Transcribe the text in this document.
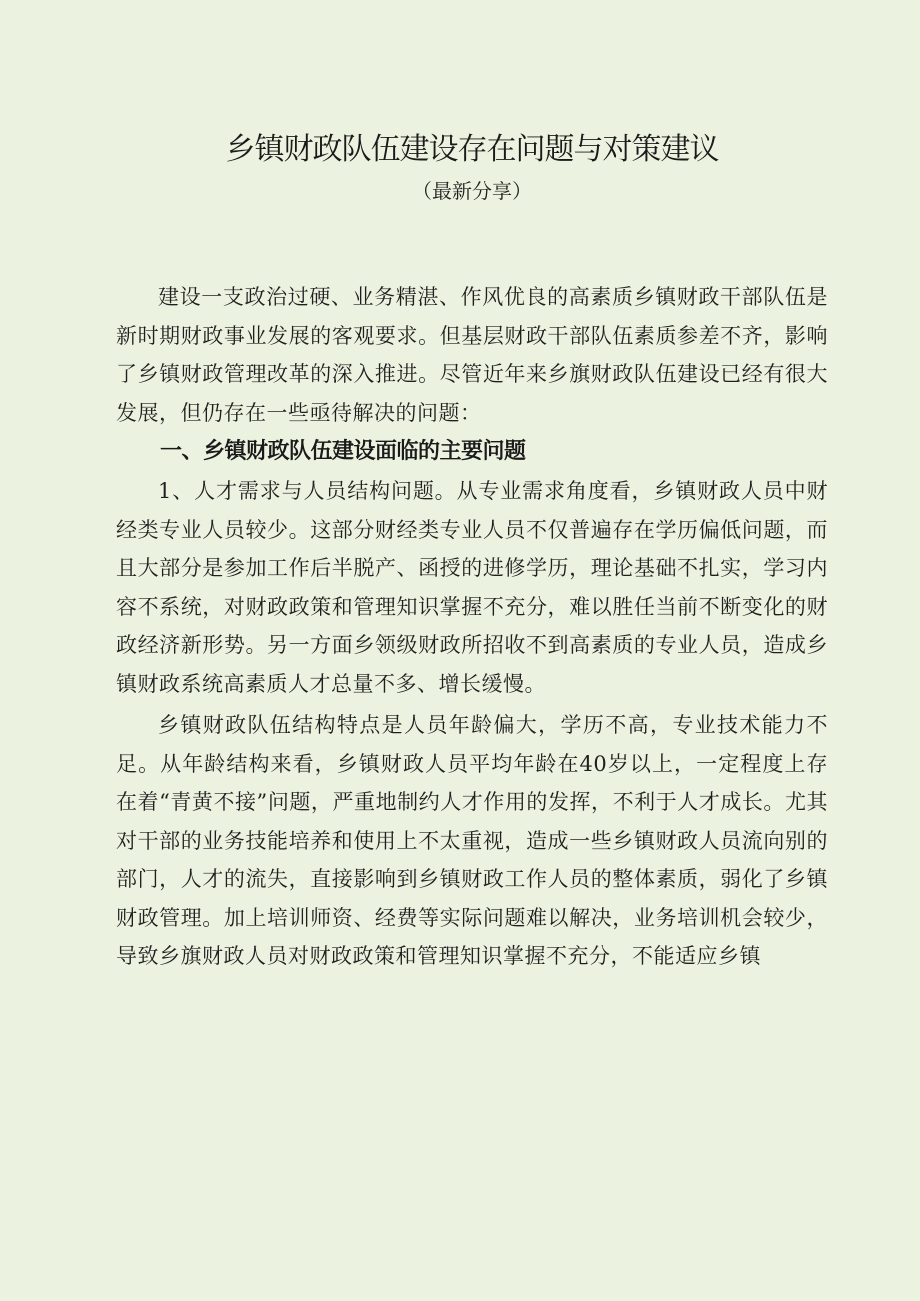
乡镇财政队伍建设存在问题与对策建议
（最新分享）

建设一支政治过硬、业务精湛、作风优良的高素质乡镇财政干部队伍是新时期财政事业发展的客观要求。但基层财政干部队伍素质参差不齐，影响了乡镇财政管理改革的深入推进。尽管近年来乡旗财政队伍建设已经有很大发展，但仍存在一些亟待解决的问题：

一、乡镇财政队伍建设面临的主要问题

1、人才需求与人员结构问题。从专业需求角度看，乡镇财政人员中财经类专业人员较少。这部分财经类专业人员不仅普遍存在学历偏低问题，而且大部分是参加工作后半脱产、函授的进修学历，理论基础不扎实，学习内容不系统，对财政政策和管理知识掌握不充分，难以胜任当前不断变化的财政经济新形势。另一方面乡领级财政所招收不到高素质的专业人员，造成乡镇财政系统高素质人才总量不多、增长缓慢。

乡镇财政队伍结构特点是人员年龄偏大，学历不高，专业技术能力不足。从年龄结构来看，乡镇财政人员平均年龄在40岁以上，一定程度上存在着“青黄不接”问题，严重地制约人才作用的发挥，不利于人才成长。尤其对干部的业务技能培养和使用上不太重视，造成一些乡镇财政人员流向别的部门，人才的流失，直接影响到乡镇财政工作人员的整体素质，弱化了乡镇财政管理。加上培训师资、经费等实际问题难以解决，业务培训机会较少，导致乡旗财政人员对财政政策和管理知识掌握不充分，不能适应乡镇
